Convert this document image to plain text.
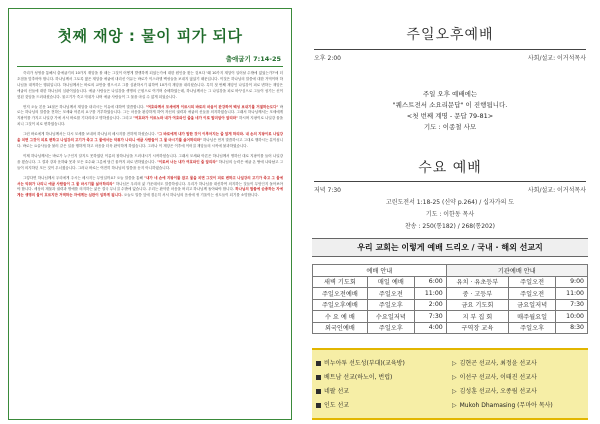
첫째 재앙 : 물이 피가 되다
출애굽기 7:14-25

죽리가 성영을 통해서 출애굽기의 10가지 재앙을 볼 때는 그것이 어떻게 발생하게 되었는가에 대한 원인을 찾는 것보다 '왜 10가지 재앙이 일어날 수밖에 없었는가?'에 더 초점을 맞추어야 합니다. 하나님께서 그토록 많은 재앙을 애굽에 내리신 이유는 바로가 이스라엘 백성들을 보내지 않았기 때문입니다. 이것은 하나님의 말씀에 대한 거역이며 하나님을 대적하는 행위입니다. 하나님께서는 바로의 교만을 꺾으시고 그를 심판하시기 위하여 10가지 재앙을 내리셨습니다. 특히 첫 번째 재앙인 나일강이 피로 변하는 재앙은 애굽의 신들에 대한 하나님의 심판이었습니다. 애굽 사람들은 나일강을 생명의 근원으로 여기며 숭배하였는데, 하나님께서는 그 나일강을 피로 바꾸심으로 그들이 섬기는 신이 헛된 것임을 드러내셨습니다. 물고기가 죽고 악취가 나며 애굽 사람들이 그 물을 마실 수 없게 되었습니다.

먼저 오늘 본문 14절은 하나님께서 재앙을 내리시는 이유에 대하여 말씀합니다. "여호와께서 모세에게 이르시되 바로의 마음이 완강하여 백성 보내기를 거절하는도다" 바로는 하나님의 말씀을 전하는 모세와 아론의 요구를 거부하였습니다. 그는 마음을 완강하게 하여 자신의 권력과 애굽의 신들을 의지하였습니다. 그래서 하나님께서는 모세에게 지팡이를 가지고 나일강 가에 서서 바로를 기다리라고 명하셨습니다. 그리고 "여호와가 이르노라 내가 여호와인 줄을 네가 이로 말미암아 알리라" 하시며 지팡이로 나일강 물을 치니 그것이 피로 변하였습니다.

그런 바로에게 하나님께서는 다시 모세를 보내어 하나님의 메시지를 전하게 하셨습니다. "그 바로에게 내가 말한 것이 이루어지는 줄 알게 하리라. 내 손의 지팡이로 나일강을 치면 그것이 피로 변하고 나일강의 고기가 죽고 그 물에서는 악취가 나리니 애굽 사람들이 그 물 마시기를 싫어하리라" 하나님은 먼저 말씀하시고 그대로 행하시는 분이십니다. 바로는 요술사들을 불러 같은 일을 행하게 하고 마음을 더욱 완악하게 하였습니다. 그러나 이 재앙은 이후에 이어질 재앙들의 시작에 불과하였습니다.

이제 하나님께서는 바로가 누구인지 알지도 못하였던 이름의 참하나님을 드러내시기 시작하셨습니다. 그래서 모세와 아론은 하나님께서 명하신 대로 지팡이를 들어 나일강을 쳤습니다. 그 결과 강과 운하와 못과 모든 호수와 그릇에 담긴 물까지 피로 변하였습니다. "이로써 너는 내가 여호와인 줄 알리라" 하나님의 능력은 애굽 온 땅에 나타났고 그들이 의지하던 모든 것이 무너졌습니다. 그러나 바로는 여전히 하나님의 말씀을 듣지 아니하였습니다.

그렇다면 하나님께서 우리에게 주시는 메시지는 무엇일까요? 오늘 말씀을 통해 "내가 네 손에 지팡이를 잡고 물을 치면 그것이 피로 변하고 나일강의 고기가 죽고 그 물에서는 악취가 나리니 애굽 사람들이 그 물 마시기를 싫어하리라" 하나님은 우리의 삶 가운데서도 말씀하십니다. 우리가 하나님을 대신하여 의지하는 것들이 무엇인지 돌아보아야 합니다. 세상의 재물과 권력과 명예를 의지하는 삶은 결국 무너질 수밖에 없습니다. 우리는 완악한 마음을 버리고 하나님께 돌아와야 합니다. 하나님의 말씀에 순종하는 자에게는 생명의 물이 흐르지만 거역하는 자에게는 심판이 임하게 됩니다. 오늘도 말씀 앞에 겸손히 서서 하나님의 음성에 귀 기울이는 성도들이 되기를 소망합니다.

주일오후예배
오후 2:00	사회/설교: 이거석목사
주일 오후 예배에는
"퀘스트전서 소요리문답" 이 진행됩니다.
<첫 번째 계명 - 문답 79-81>
기도 : 이종철 사모
수요 예배
저녁 7:30	사회/설교: 이거석목사
고린도전서 1:18-25 (신약 p.264) / 십자가의 도
기도 : 이한동 목사
찬송 : 250(통182) / 268(통202)
우리 교회는 이렇게 예배 드리오 / 국내 · 해외 선교지
예배 안내			기관예배 안내		
새벽 기도회	매일 예배	6:00	유치 · 유초등부	주일오전	9:00
주일오전예배	주일오전	11:00	중 · 고등부	주일오전	11:00
주일오후예배	주일오후	2:00	금요 기도회	금요일저녁	7:30
수 요 예 배	수요일저녁	7:30	지 부 집 회	매주월요일	10:00
외국인예배	주일오후	4:00	구역장 교육	주일오후	8:30
비누아투 선도성(부대)(교육방)	▷ 김현곤 선교사, 최정윤 선교사
베트남 선교(하노이, 번럽)	▷ 이선구 선교사, 이태진 선교사
네팔 선교	▷ 김성훈 선교사, 오종림 선교사
인도 선교	▷ Mukoh Dhamasing (무마아 목사)
